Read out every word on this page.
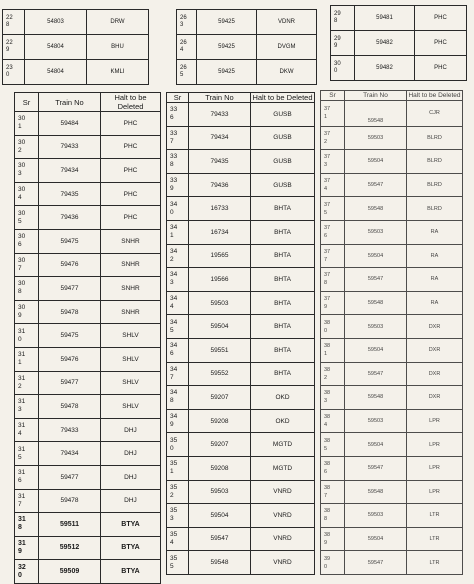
22
8	54803	DRW
22
9	54804	BHU
23
0	54804	KMLI
26
3	59425	VDNR
26
4	59425	DVGM
26
5	59425	DKW
29
8	59481	PHC
29
9	59482	PHC
30
0	59482	PHC
Sr	Train No	Halt to be Deleted
30
1	59484	PHC
30
2	79433	PHC
30
3	79434	PHC
30
4	79435	PHC
30
5	79436	PHC
30
6	59475	SNHR
30
7	59476	SNHR
30
8	59477	SNHR
30
9	59478	SNHR
31
0	59475	SHLV
31
1	59476	SHLV
31
2	59477	SHLV
31
3	59478	SHLV
31
4	79433	DHJ
31
5	79434	DHJ
31
6	59477	DHJ
31
7	59478	DHJ
31
8	59511	BTYA
31
9	59512	BTYA
32
0	59509	BTYA
Sr	Train No	Halt to be Deleted
33
6	79433	GUSB
33
7	79434	GUSB
33
8	79435	GUSB
33
9	79436	GUSB
34
0	16733	BHTA
34
1	16734	BHTA
34
2	19565	BHTA
34
3	19566	BHTA
34
4	59503	BHTA
34
5	59504	BHTA
34
6	59551	BHTA
34
7	59552	BHTA
34
8	59207	OKD
34
9	59208	OKD
35
0	59207	MGTD
35
1	59208	MGTD
35
2	59503	VNRD
35
3	59504	VNRD
35
4	59547	VNRD
35
5	59548	VNRD
Sr	Train No	Halt to be Deleted
37
1	59548	CJR
37
2	59503	BLRD
37
3	59504	BLRD
37
4	59547	BLRD
37
5	59548	BLRD
37
6	59503	RA
37
7	59504	RA
37
8	59547	RA
37
9	59548	RA
38
0	59503	DXR
38
1	59504	DXR
38
2	59547	DXR
38
3	59548	DXR
38
4	59503	LPR
38
5	59504	LPR
38
6	59547	LPR
38
7	59548	LPR
38
8	59503	LTR
38
9	59504	LTR
39
0	59547	LTR
